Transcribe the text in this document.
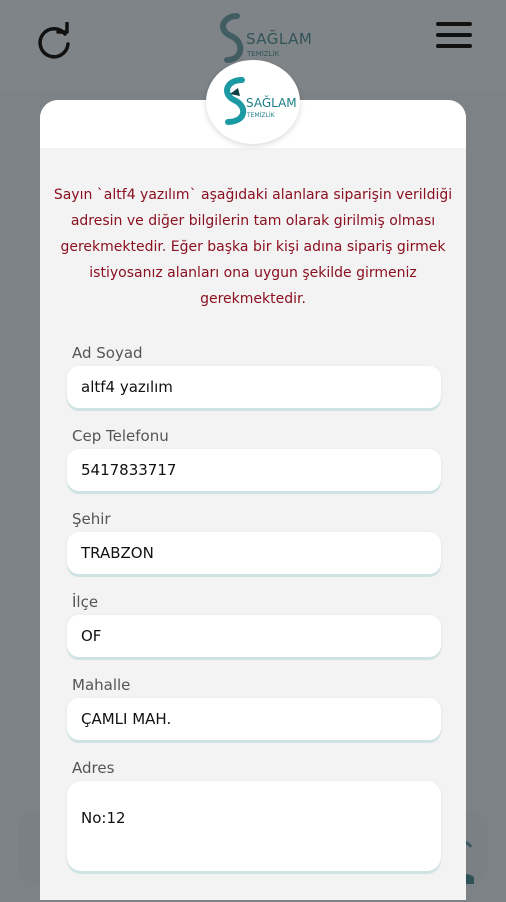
SAĞLAM
TEMİZLİK
Sayın `altf4 yazılım` aşağıdaki alanlara siparişin verildiği adresin ve diğer bilgilerin tam olarak girilmiş olması gerekmektedir. Eğer başka bir kişi adına sipariş girmek istiyosanız alanları ona uygun şekilde girmeniz gerekmektedir.
Ad Soyad
altf4 yazılım
Cep Telefonu
5417833717
Şehir
TRABZON
İlçe
OF
Mahalle
ÇAMLI MAH.
Adres
No:12
SAĞLAM
TEMİZLİK
